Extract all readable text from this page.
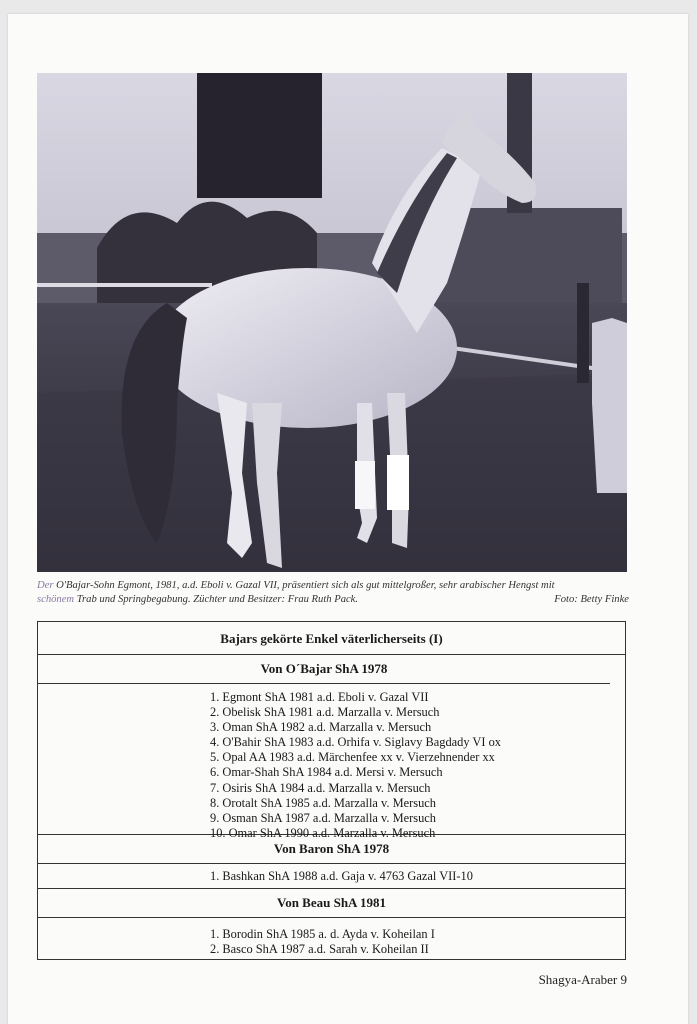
Der O'Bajar-Sohn Egmont, 1981, a.d. Eboli v. Gazal VII, präsentiert sich als gut mittelgroßer, sehr arabischer Hengst mit
schönem Trab und Springbegabung. Züchter und Besitzer: Frau Ruth Pack.	Foto: Betty Finke
Bajars gekörte Enkel väterlicherseits (I)
Von O´Bajar ShA 1978
1. Egmont ShA 1981 a.d. Eboli v. Gazal VII
2. Obelisk ShA 1981 a.d. Marzalla v. Mersuch
3. Oman ShA 1982 a.d. Marzalla v. Mersuch
4. O'Bahir ShA 1983 a.d. Orhifa v. Siglavy Bagdady VI ox
5. Opal AA 1983 a.d. Märchenfee xx v. Vierzehnender xx
6. Omar-Shah ShA 1984 a.d. Mersi v. Mersuch
7. Osiris ShA 1984 a.d. Marzalla v. Mersuch
8. Orotalt ShA 1985 a.d. Marzalla v. Mersuch
9. Osman ShA 1987 a.d. Marzalla v. Mersuch
10. Omar ShA 1990 a.d. Marzalla v. Mersuch
Von Baron ShA 1978
1. Bashkan ShA 1988 a.d. Gaja v. 4763 Gazal VII-10
Von Beau ShA 1981
1. Borodin ShA 1985 a. d. Ayda v. Koheilan I
2. Basco ShA 1987 a.d. Sarah v. Koheilan II
Shagya-Araber 9
